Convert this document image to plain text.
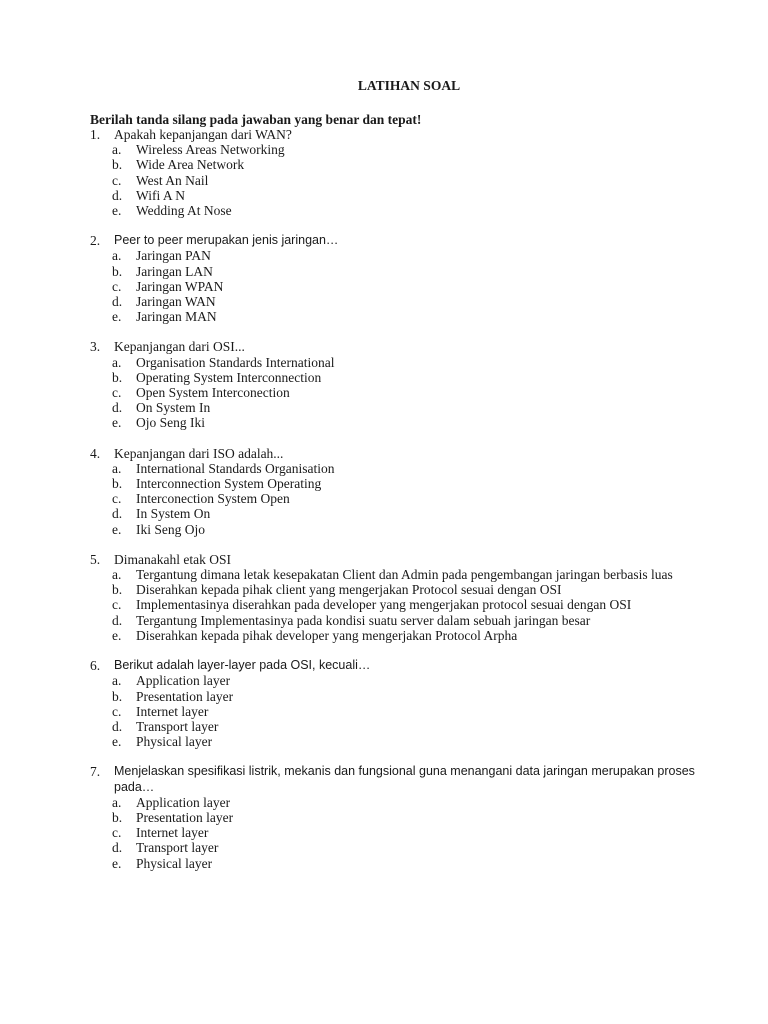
LATIHAN SOAL

Berilah tanda silang pada jawaban yang benar dan tepat!

1.	Apakah kepanjangan dari WAN?
a.	Wireless Areas Networking
b.	Wide Area Network
c.	West An Nail
d.	Wifi A N
e.	Wedding At Nose
2.	Peer to peer merupakan jenis jaringan…
a.	Jaringan PAN
b.	Jaringan LAN
c.	Jaringan WPAN
d.	Jaringan WAN
e.	Jaringan MAN
3.	Kepanjangan dari OSI...
a.	Organisation Standards International
b.	Operating System Interconnection
c.	Open System Interconection
d.	On System In
e.	Ojo Seng Iki
4.	Kepanjangan dari ISO adalah...
a.	International Standards Organisation
b.	Interconnection System Operating
c.	Interconection System Open
d.	In System On
e.	Iki Seng Ojo
5.	Dimanakahl etak OSI
a.	Tergantung dimana letak kesepakatan Client dan Admin pada pengembangan jaringan berbasis luas
b.	Diserahkan kepada pihak client yang mengerjakan Protocol sesuai dengan OSI
c.	Implementasinya diserahkan pada developer yang mengerjakan protocol sesuai dengan OSI
d.	Tergantung Implementasinya pada kondisi suatu server dalam sebuah jaringan besar
e.	Diserahkan kepada pihak developer yang mengerjakan Protocol Arpha
6.	Berikut adalah layer-layer pada OSI, kecuali…
a.	Application layer
b.	Presentation layer
c.	Internet layer
d.	Transport layer
e.	Physical layer
7.	Menjelaskan spesifikasi listrik, mekanis dan fungsional guna menangani data jaringan merupakan proses pada…
a.	Application layer
b.	Presentation layer
c.	Internet layer
d.	Transport layer
e.	Physical layer
